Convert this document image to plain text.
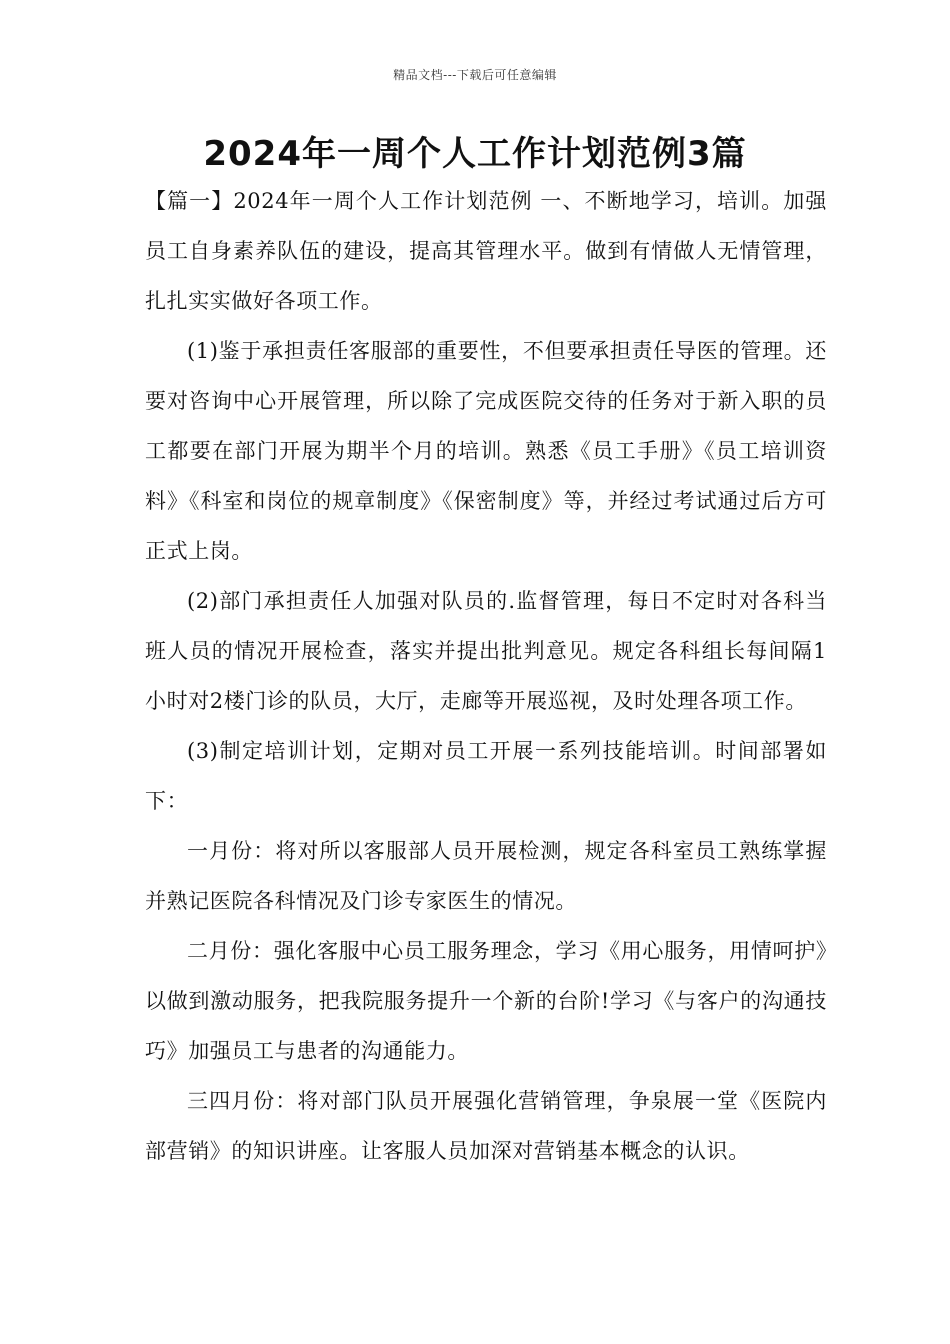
精品文档---下载后可任意编辑
2024年一周个人工作计划范例3篇

【篇一】2024年一周个人工作计划范例 一、不断地学习，培训。加强员工自身素养队伍的建设，提高其管理水平。做到有情做人无情管理，扎扎实实做好各项工作。

(1)鉴于承担责任客服部的重要性，不但要承担责任导医的管理。还要对咨询中心开展管理，所以除了完成医院交待的任务对于新入职的员工都要在部门开展为期半个月的培训。熟悉《员工手册》《员工培训资料》《科室和岗位的规章制度》《保密制度》等，并经过考试通过后方可正式上岗。

(2)部门承担责任人加强对队员的.监督管理，每日不定时对各科当班人员的情况开展检查，落实并提出批判意见。规定各科组长每间隔1小时对2楼门诊的队员，大厅，走廊等开展巡视，及时处理各项工作。

(3)制定培训计划，定期对员工开展一系列技能培训。时间部署如下：

一月份：将对所以客服部人员开展检测，规定各科室员工熟练掌握并熟记医院各科情况及门诊专家医生的情况。

二月份：强化客服中心员工服务理念，学习《用心服务，用情呵护》以做到激动服务，把我院服务提升一个新的台阶!学习《与客户的沟通技巧》加强员工与患者的沟通能力。

三四月份：将对部门队员开展强化营销管理，争泉展一堂《医院内部营销》的知识讲座。让客服人员加深对营销基本概念的认识。
